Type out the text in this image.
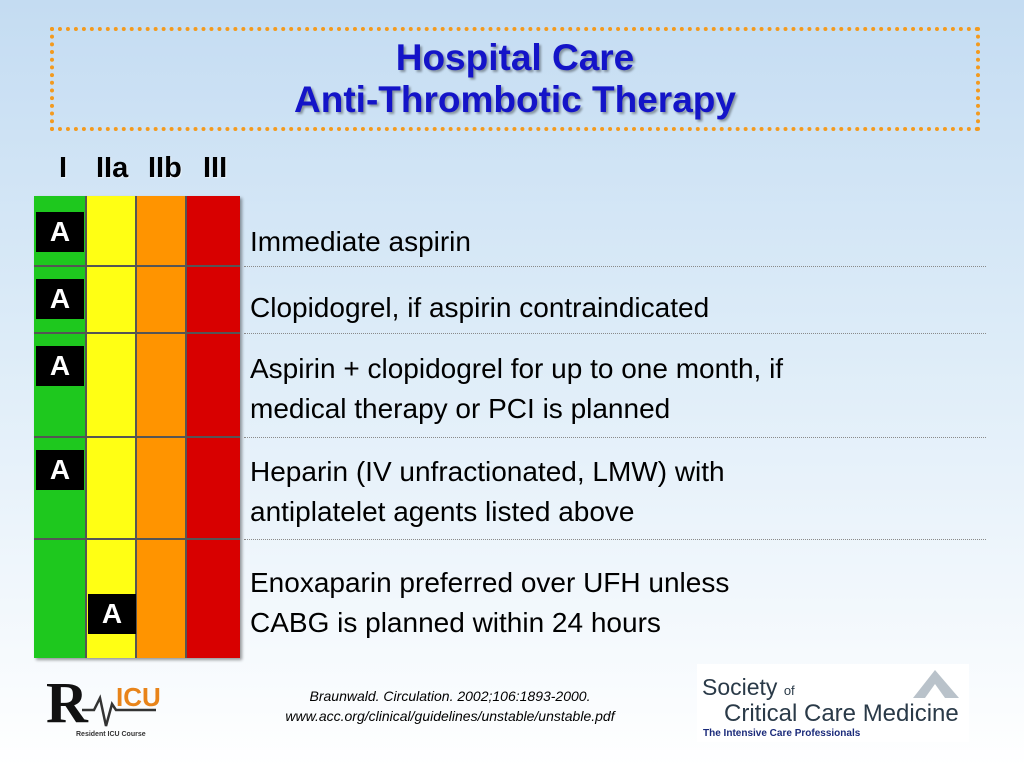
Hospital Care
Anti-Thrombotic Therapy
I IIa IIb III
A
A
A
A
A
Immediate aspirin
Clopidogrel, if aspirin contraindicated
Aspirin + clopidogrel for up to one month, if
medical therapy or PCI is planned
Heparin (IV unfractionated, LMW) with
antiplatelet agents listed above
Enoxaparin preferred over UFH unless
CABG is planned within 24 hours
Braunwald. Circulation. 2002;106:1893-2000.
www.acc.org/clinical/guidelines/unstable/unstable.pdf
R ICU
Resident ICU Course
Society of
Critical Care Medicine
The Intensive Care Professionals
